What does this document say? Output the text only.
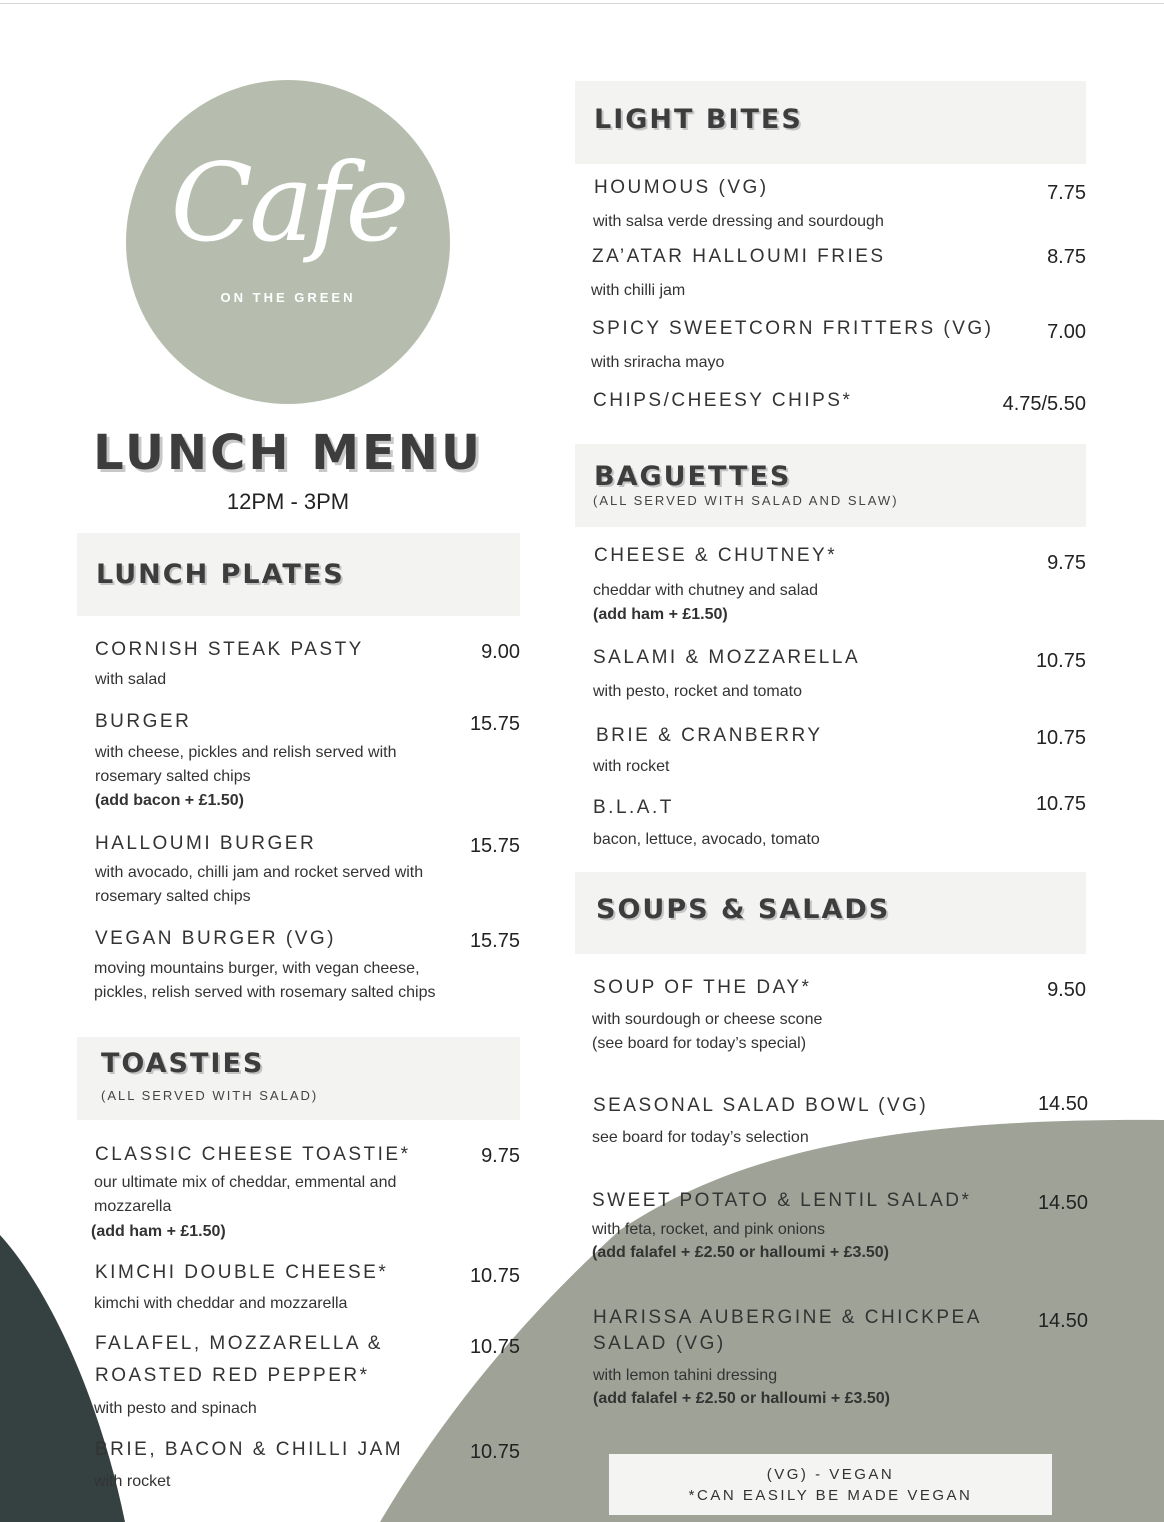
Cafe
ON THE GREEN
LUNCH MENU
12PM - 3PM
LUNCH PLATES
CORNISH STEAK PASTY	9.00
with salad
BURGER	15.75
with cheese, pickles and relish served with rosemary salted chips
(add bacon + £1.50)
HALLOUMI BURGER	15.75
with avocado, chilli jam and rocket served with rosemary salted chips
VEGAN BURGER (VG)	15.75
moving mountains burger, with vegan cheese, pickles, relish served with rosemary salted chips
TOASTIES
(ALL SERVED WITH SALAD)
CLASSIC CHEESE TOASTIE*	9.75
our ultimate mix of cheddar, emmental and mozzarella
(add ham + £1.50)
KIMCHI DOUBLE CHEESE*	10.75
kimchi with cheddar and mozzarella
FALAFEL, MOZZARELLA & ROASTED RED PEPPER*
10.75
with pesto and spinach
BRIE, BACON & CHILLI JAM	10.75
with rocket
LIGHT BITES
HOUMOUS (VG)	7.75
with salsa verde dressing and sourdough
ZA’ATAR HALLOUMI FRIES	8.75
with chilli jam
SPICY SWEETCORN FRITTERS (VG)	7.00
with sriracha mayo
CHIPS/CHEESY CHIPS*	4.75/5.50
BAGUETTES
(ALL SERVED WITH SALAD AND SLAW)
CHEESE & CHUTNEY*	9.75
cheddar with chutney and salad
(add ham + £1.50)
SALAMI & MOZZARELLA	10.75
with pesto, rocket and tomato
BRIE & CRANBERRY	10.75
with rocket
B.L.A.T	10.75
bacon, lettuce, avocado, tomato
SOUPS & SALADS
SOUP OF THE DAY*	9.50
with sourdough or cheese scone
(see board for today’s special)
SEASONAL SALAD BOWL (VG)	14.50
see board for today’s selection
SWEET POTATO & LENTIL SALAD*	14.50
with feta, rocket, and pink onions
(add falafel + £2.50 or halloumi + £3.50)
HARISSA AUBERGINE & CHICKPEA SALAD (VG)
14.50
with lemon tahini dressing
(add falafel + £2.50 or halloumi + £3.50)
(VG) - VEGAN
*CAN EASILY BE MADE VEGAN
